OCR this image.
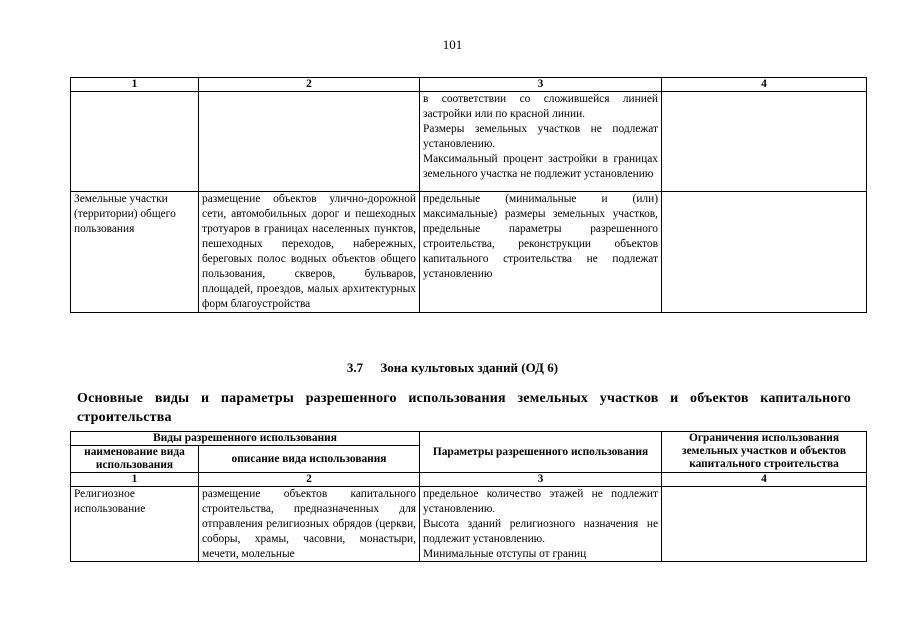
101
1	2	3	4

		в соответствии со сложившейся линией застройки или по красной линии.
Размеры земельных участков не подлежат установлению.
Максимальный процент застройки в границах земельного участка не подлежит установлению	

Земельные участки (территории) общего пользования	размещение объектов улично-дорожной сети, автомобильных дорог и пешеходных тротуаров в границах населенных пунктов, пешеходных переходов, набережных, береговых полос водных объектов общего пользования, скверов, бульваров, площадей, проездов, малых архитектурных форм благоустройства	предельные (минимальные и (или) максимальные) размеры земельных участков, предельные параметры разрешенного строительства, реконструкции объектов капитального строительства не подлежат установлению	
3.7 Зона культовых зданий (ОД 6)
Основные виды и параметры разрешенного использования земельных участков и объектов капитального строительства
Виды разрешенного использования		Параметры разрешенного использования	Ограничения использования земельных участков и объектов капитального строительства
наименование вида использования	описание вида использования		
1	2	3	4

Религиозное использование	размещение объектов капитального строительства, предназначенных для отправления религиозных обрядов (церкви, соборы, храмы, часовни, монастыри, мечети, молельные	предельное количество этажей не подлежит установлению.
Высота зданий религиозного назначения не подлежит установлению.
Минимальные отступы от границ	
